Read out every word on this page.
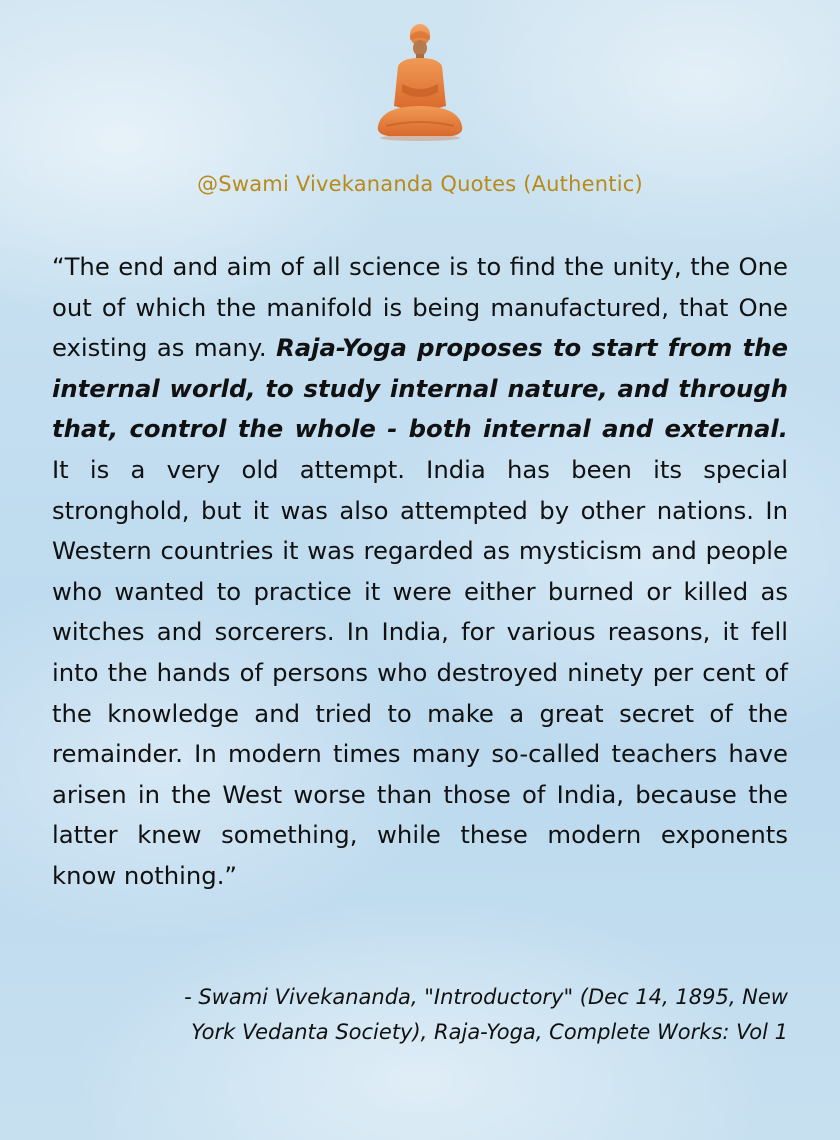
@Swami Vivekananda Quotes (Authentic)

“The end and aim of all science is to find the unity, the One out of which the manifold is being manufactured, that One existing as many. Raja-Yoga proposes to start from the internal world, to study internal nature, and through that, control the whole - both internal and external. It is a very old attempt. India has been its special stronghold, but it was also attempted by other nations. In Western countries it was regarded as mysticism and people who wanted to practice it were either burned or killed as witches and sorcerers. In India, for various reasons, it fell into the hands of persons who destroyed ninety per cent of the knowledge and tried to make a great secret of the remainder. In modern times many so-called teachers have arisen in the West worse than those of India, because the latter knew something, while these modern exponents know nothing.”

- Swami Vivekananda, "Introductory" (Dec 14, 1895, New
York Vedanta Society), Raja-Yoga, Complete Works: Vol 1
